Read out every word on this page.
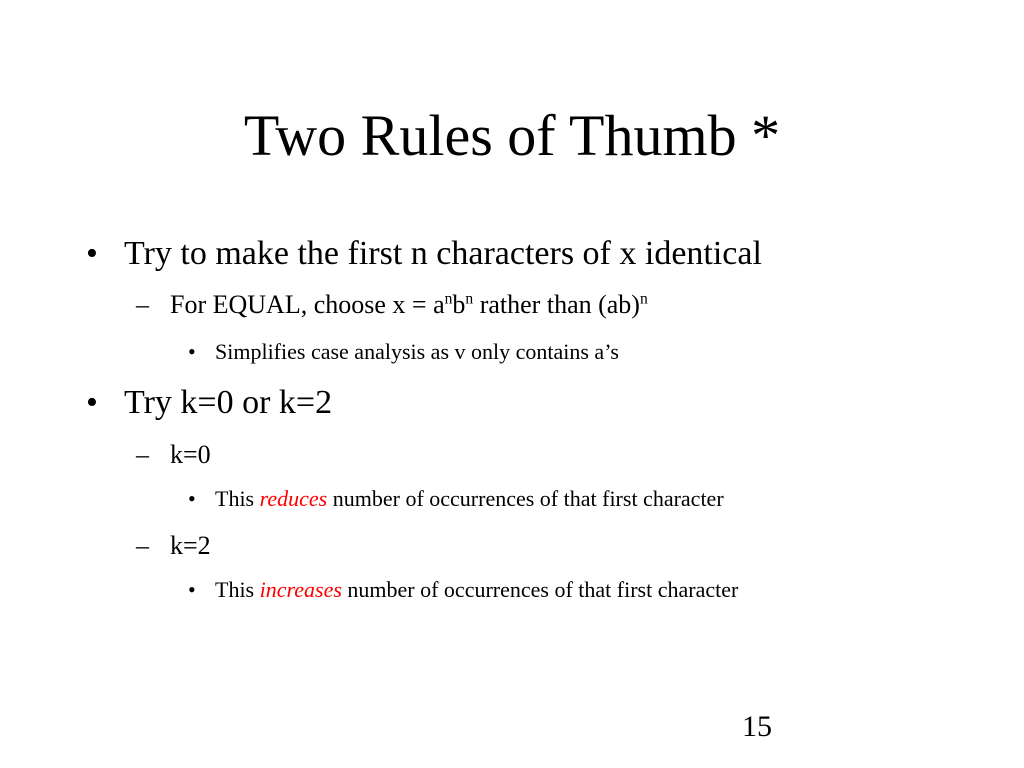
Two Rules of Thumb *
• Try to make the first n characters of x identical
– For EQUAL, choose $x = a^nb^n$ rather than (ab)$^n$
• Simplifies case analysis as v only contains a’s
• Try k=0 or k=2
– k=0
• This reduces number of occurrences of that first character
– k=2
• This increases number of occurrences of that first character
15
